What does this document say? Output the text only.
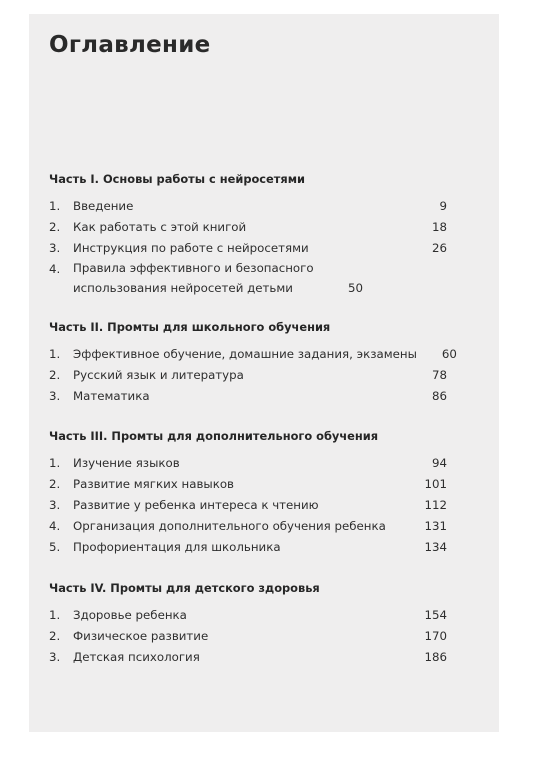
Оглавление
Часть I. Основы работы с нейросетями
1.	Введение	9
2.	Как работать с этой книгой	18
3.	Инструкция по работе с нейросетями	26
4.	Правила эффективного и безопасного использования нейросетей детьми	50
Часть II. Промты для школьного обучения
1.	Эффективное обучение, домашние задания, экзамены	60
2.	Русский язык и литература	78
3.	Математика	86
Часть III. Промты для дополнительного обучения
1.	Изучение языков	94
2.	Развитие мягких навыков	101
3.	Развитие у ребенка интереса к чтению	112
4.	Организация дополнительного обучения ребенка	131
5.	Профориентация для школьника	134
Часть IV. Промты для детского здоровья
1.	Здоровье ребенка	154
2.	Физическое развитие	170
3.	Детская психология	186
